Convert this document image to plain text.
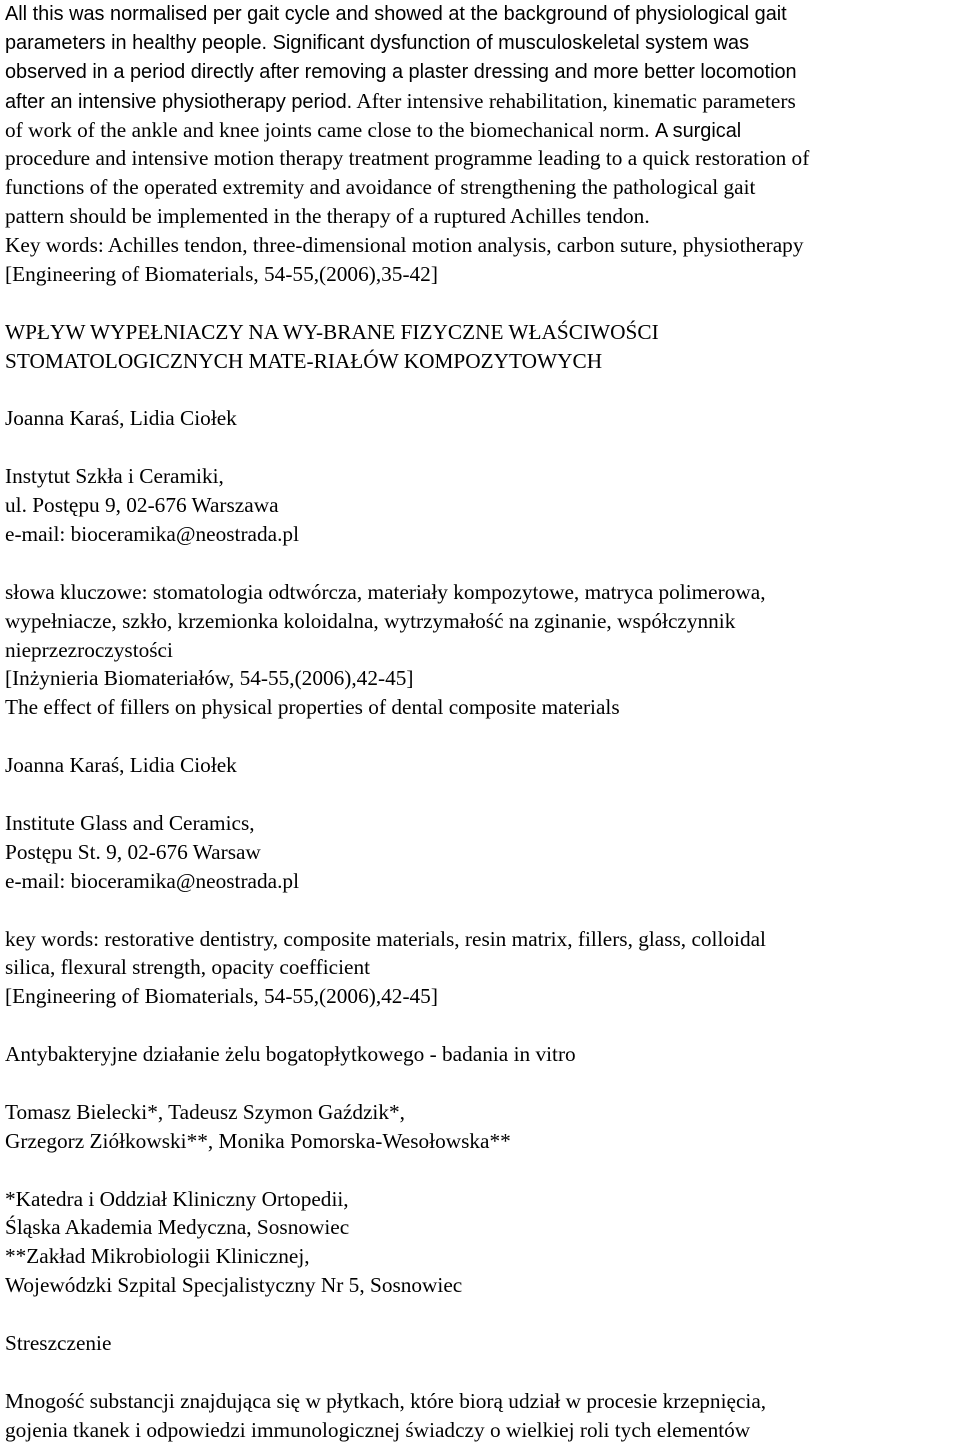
All this was normalised per gait cycle and showed at the background of physiological gait
parameters in healthy people. Significant dysfunction of musculoskeletal system was
observed in a period directly after removing a plaster dressing and more better locomotion
after an intensive physiotherapy period. After intensive rehabilitation, kinematic parameters
of work of the ankle and knee joints came close to the biomechanical norm. A surgical
procedure and intensive motion therapy treatment programme leading to a quick restoration of
functions of the operated extremity and avoidance of strengthening the pathological gait
pattern should be implemented in the therapy of a ruptured Achilles tendon.
Key words: Achilles tendon, three-dimensional motion analysis, carbon suture, physiotherapy
[Engineering of Biomaterials, 54-55,(2006),35-42]
WPŁYW WYPEŁNIACZY NA WY-BRANE FIZYCZNE WŁAŚCIWOŚCI
STOMATOLOGICZNYCH MATE-RIAŁÓW KOMPOZYTOWYCH
Joanna Karaś, Lidia Ciołek
Instytut Szkła i Ceramiki,
ul. Postępu 9, 02-676 Warszawa
e-mail: bioceramika@neostrada.pl
słowa kluczowe: stomatologia odtwórcza, materiały kompozytowe, matryca polimerowa,
wypełniacze, szkło, krzemionka koloidalna, wytrzymałość na zginanie, współczynnik
nieprzezroczystości
[Inżynieria Biomateriałów, 54-55,(2006),42-45]
The effect of fillers on physical properties of dental composite materials
Joanna Karaś, Lidia Ciołek
Institute Glass and Ceramics,
Postępu St. 9, 02-676 Warsaw
e-mail: bioceramika@neostrada.pl
key words: restorative dentistry, composite materials, resin matrix, fillers, glass, colloidal
silica, flexural strength, opacity coefficient
[Engineering of Biomaterials, 54-55,(2006),42-45]
Antybakteryjne działanie żelu bogatopłytkowego - badania in vitro
Tomasz Bielecki*, Tadeusz Szymon Gaździk*,
Grzegorz Ziółkowski**, Monika Pomorska-Wesołowska**
*Katedra i Oddział Kliniczny Ortopedii,
Śląska Akademia Medyczna, Sosnowiec
**Zakład Mikrobiologii Klinicznej,
Wojewódzki Szpital Specjalistyczny Nr 5, Sosnowiec
Streszczenie
Mnogość substancji znajdująca się w płytkach, które biorą udział w procesie krzepnięcia,
gojenia tkanek i odpowiedzi immunologicznej świadczy o wielkiej roli tych elementów
